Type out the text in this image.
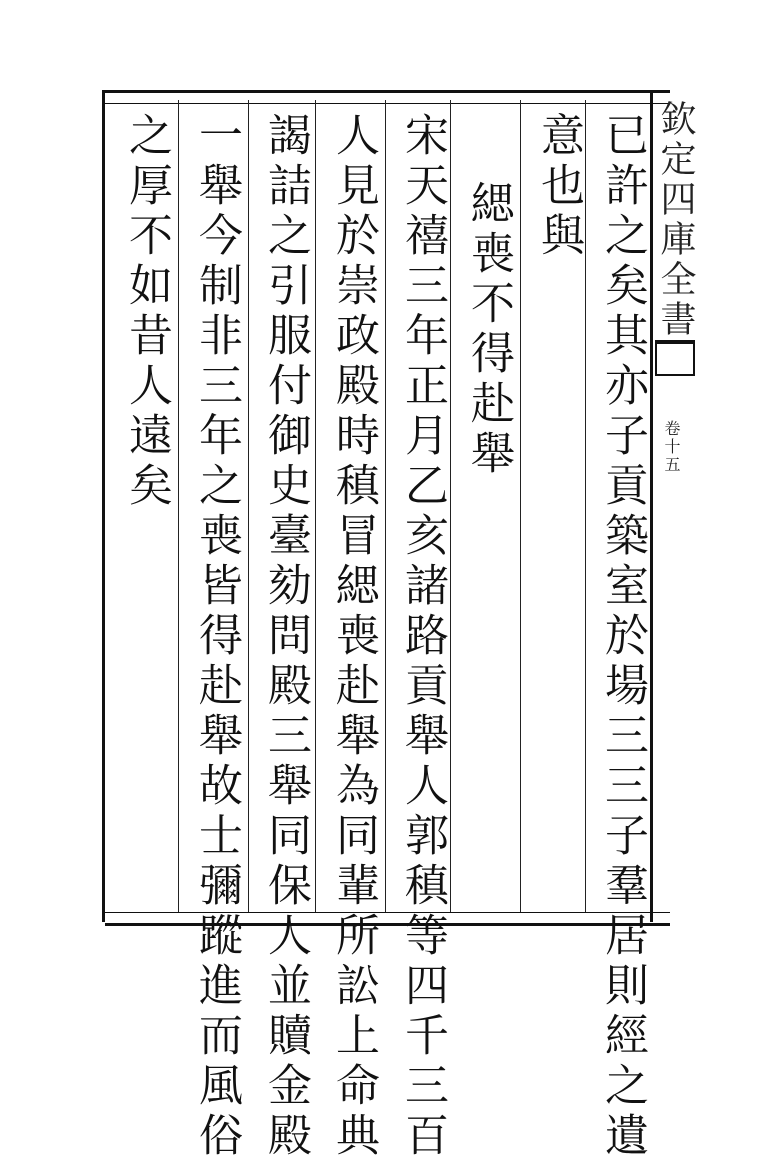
已許之矣其亦子貢築室於場三三子羣居則經之遺
意也與
緦喪不得赴舉
宋天禧三年正月乙亥諸路貢舉人郭稹等四千三百
人見於崇政殿時稹冒緦喪赴舉為同輩所訟上命典
謁詰之引服付御史臺劾問殿三舉同保人並贖金殿
一舉今制非三年之喪皆得赴舉故士彌蹤進而風俗
之厚不如昔人遠矣	欽定四庫全書
卷十五
